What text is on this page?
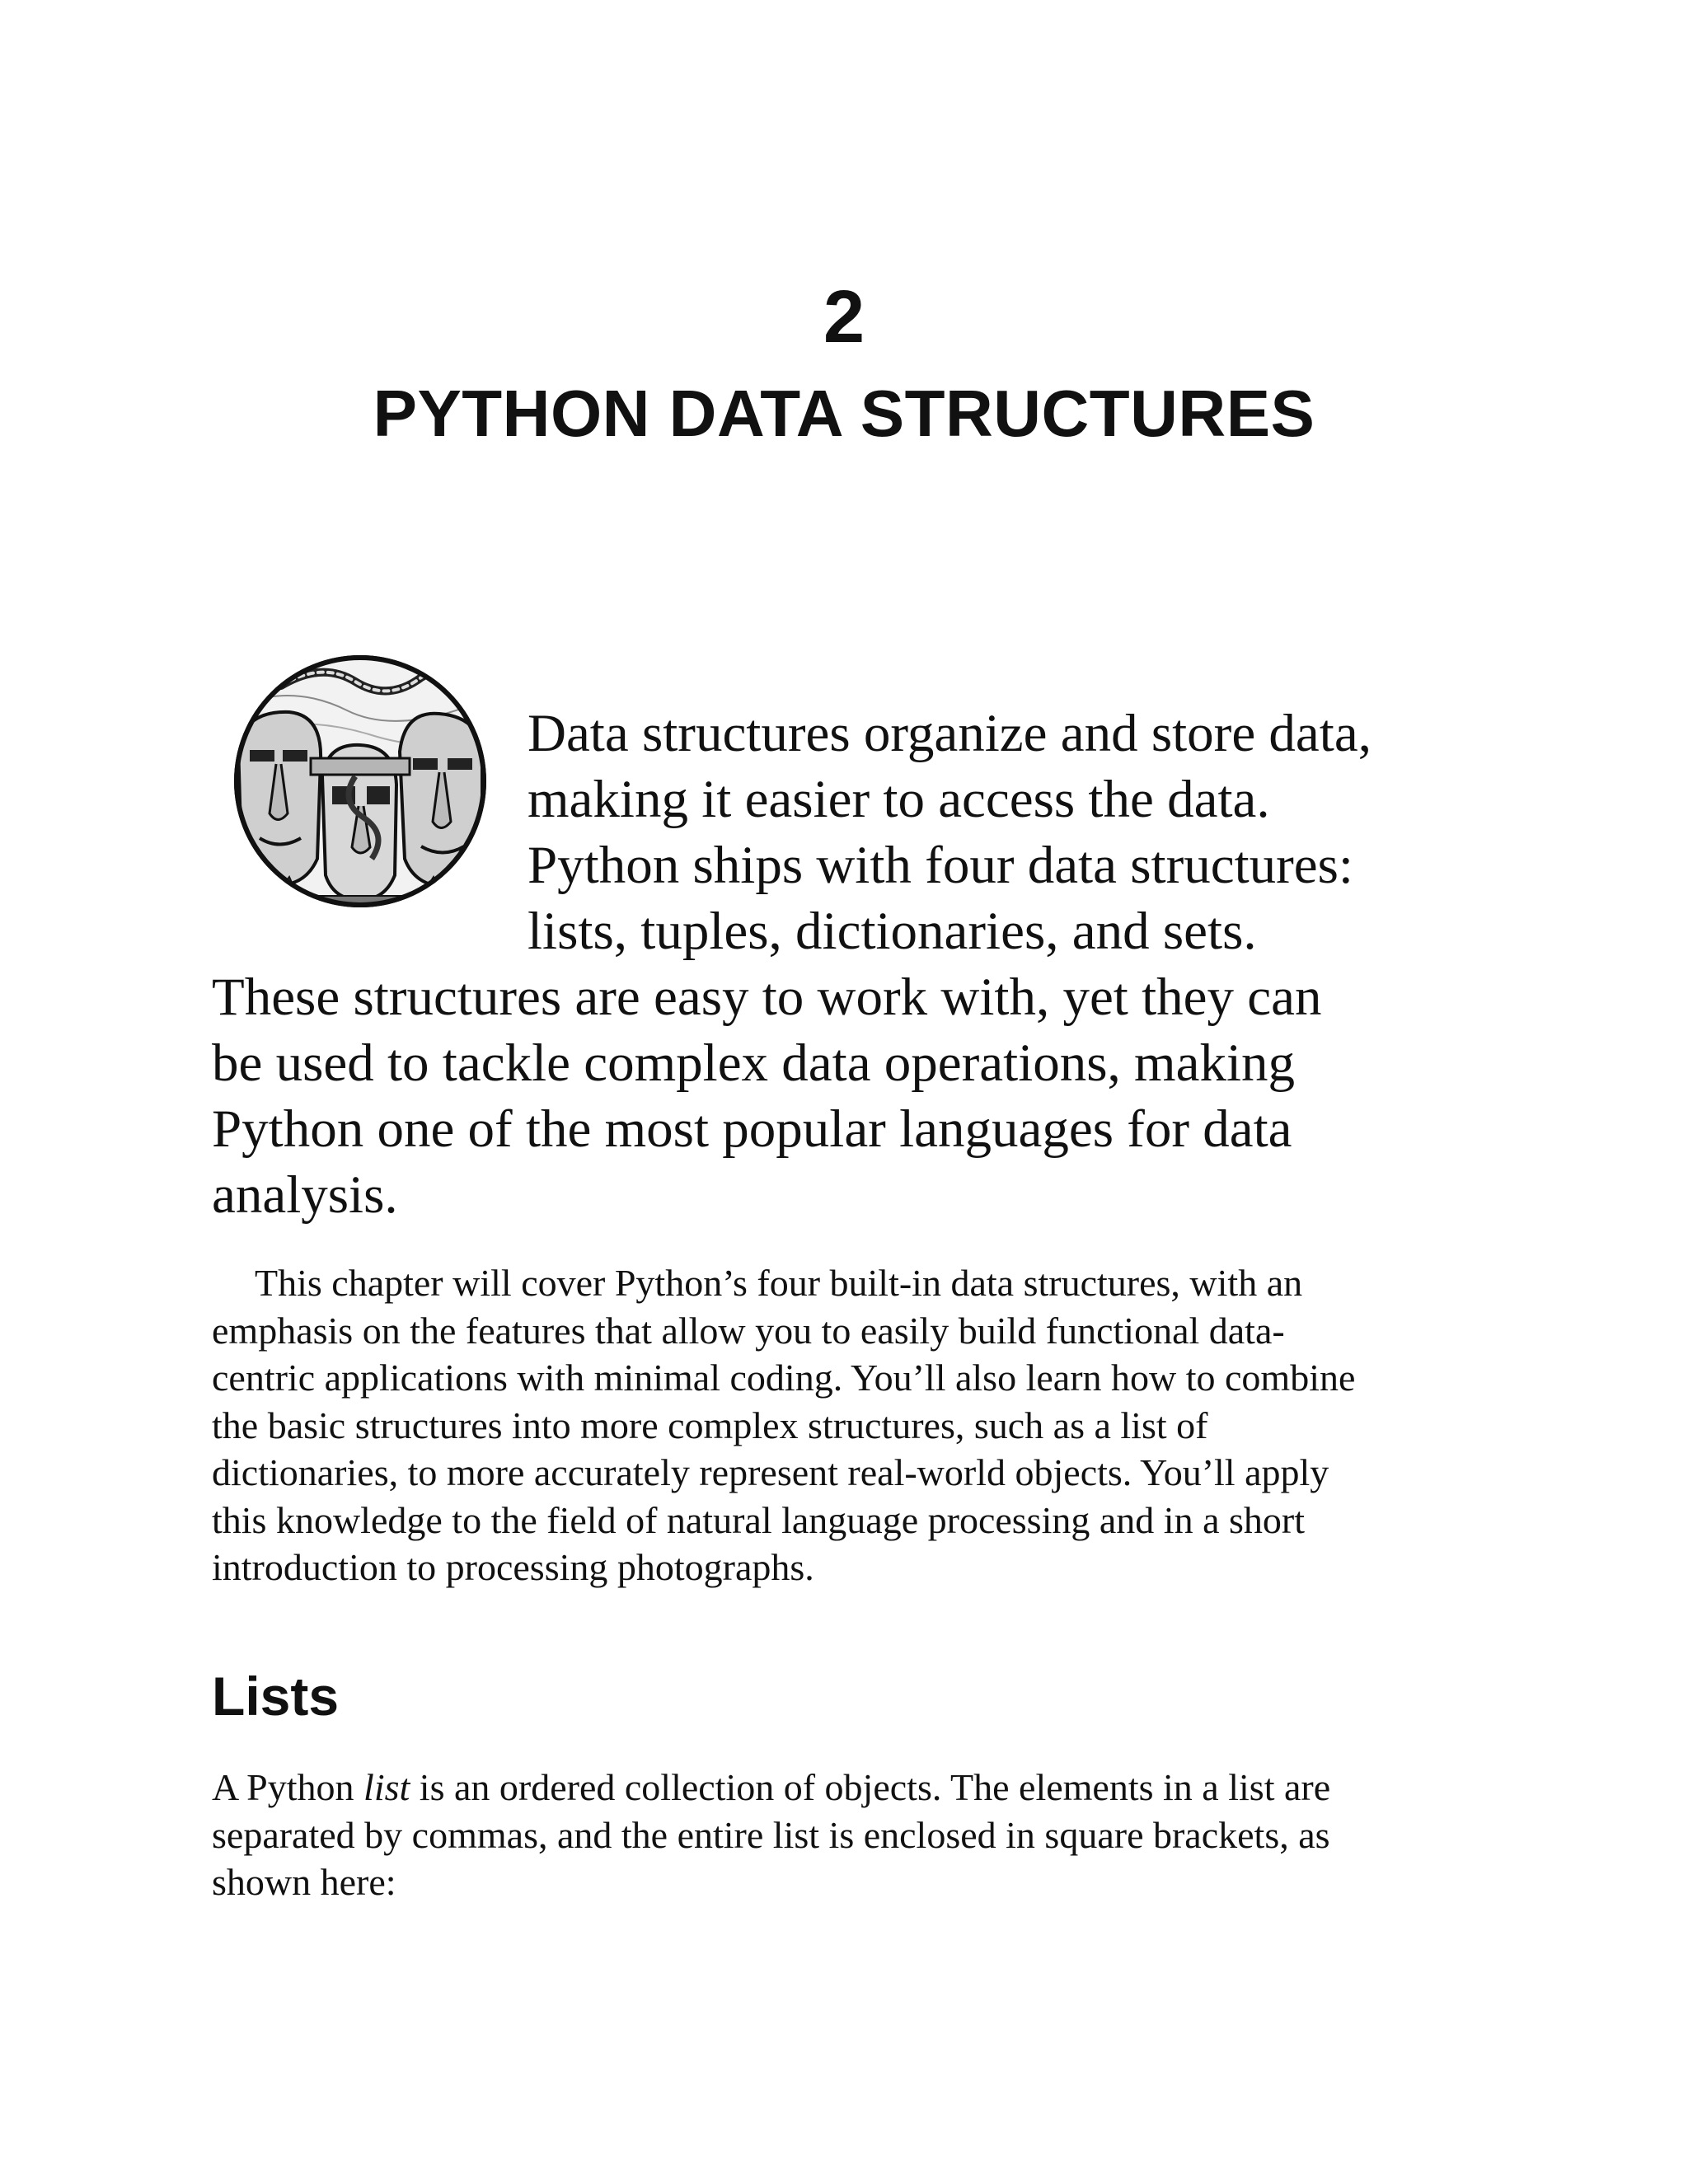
2
PYTHON DATA STRUCTURES
Data structures organize and store data,
making it easier to access the data.
Python ships with four data structures:
lists, tuples, dictionaries, and sets.
These structures are easy to work with, yet they can
be used to tackle complex data operations, making
Python one of the most popular languages for data
analysis.
This chapter will cover Python’s four built-in data structures, with an
emphasis on the features that allow you to easily build functional data-
centric applications with minimal coding. You’ll also learn how to combine
the basic structures into more complex structures, such as a list of
dictionaries, to more accurately represent real-world objects. You’ll apply
this knowledge to the field of natural language processing and in a short
introduction to processing photographs.
Lists
A Python list is an ordered collection of objects. The elements in a list are
separated by commas, and the entire list is enclosed in square brackets, as
shown here:
